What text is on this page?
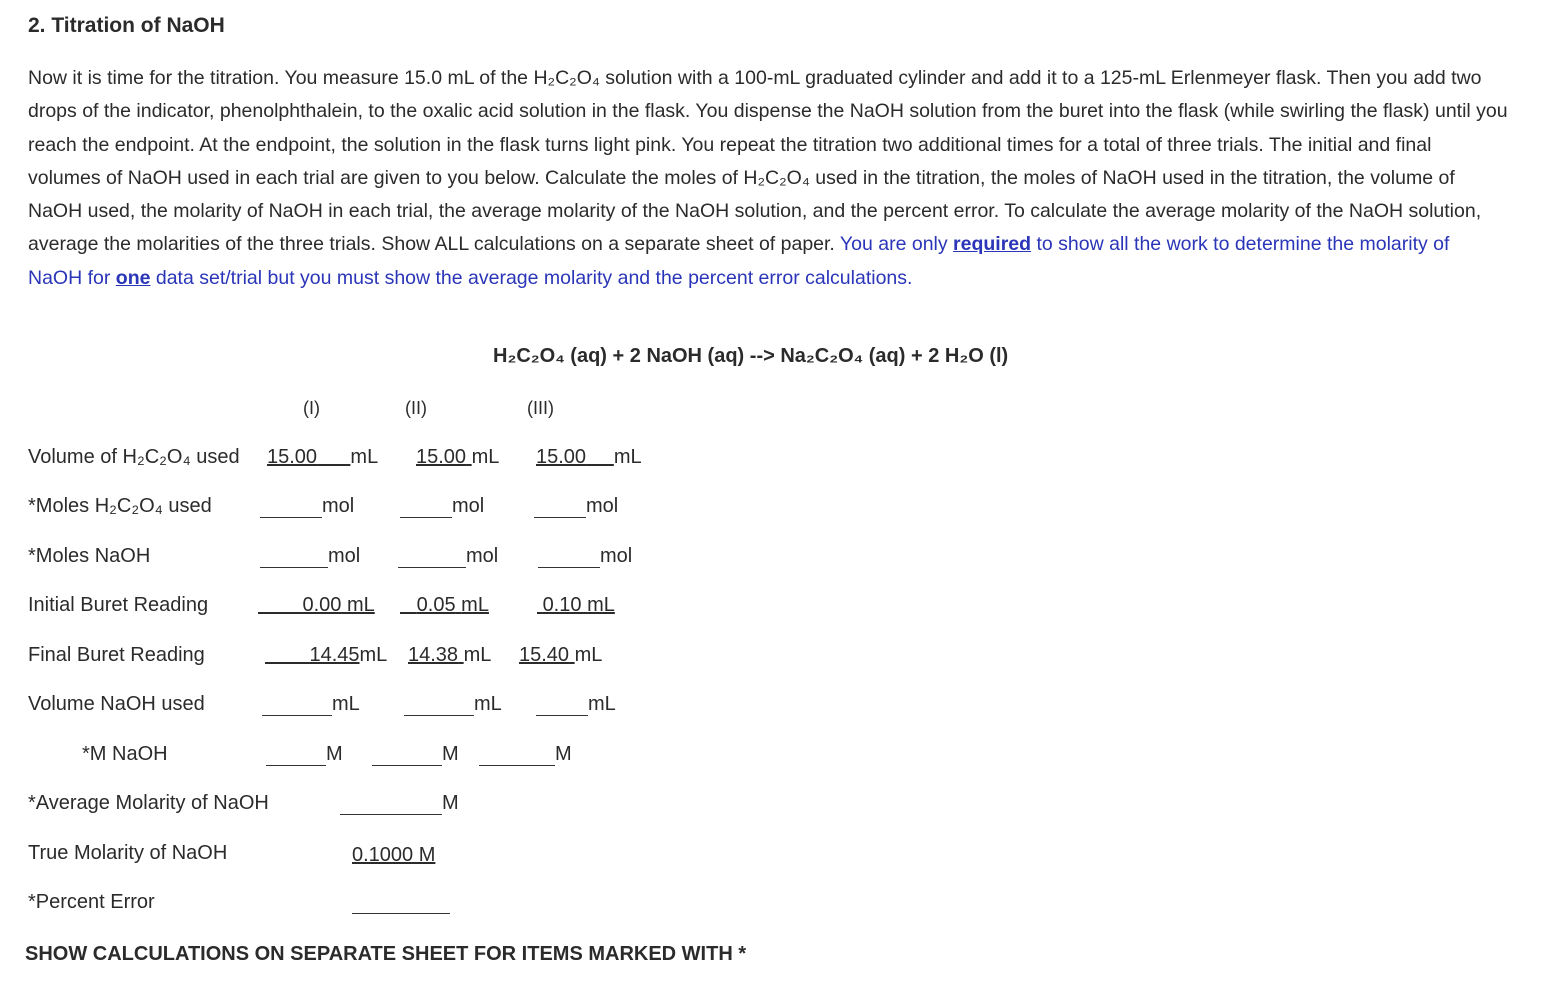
2. Titration of NaOH
Now it is time for the titration. You measure 15.0 mL of the H₂C₂O₄ solution with a 100-mL graduated cylinder and add it to a 125-mL Erlenmeyer flask. Then you add two drops of the indicator, phenolphthalein, to the oxalic acid solution in the flask. You dispense the NaOH solution from the buret into the flask (while swirling the flask) until you reach the endpoint. At the endpoint, the solution in the flask turns light pink. You repeat the titration two additional times for a total of three trials. The initial and final volumes of NaOH used in each trial are given to you below. Calculate the moles of H₂C₂O₄ used in the titration, the moles of NaOH used in the titration, the volume of NaOH used, the molarity of NaOH in each trial, the average molarity of the NaOH solution, and the percent error. To calculate the average molarity of the NaOH solution, average the molarities of the three trials. Show ALL calculations on a separate sheet of paper. You are only required to show all the work to determine the molarity of NaOH for one data set/trial but you must show the average molarity and the percent error calculations.
H₂C₂O₄ (aq) + 2 NaOH (aq) --> Na₂C₂O₄ (aq) + 2 H₂O (l)
(I)	(II)	(III)
Volume of H₂C₂O₄ used 15.00 mL 15.00 mL 15.00 mL
*Moles H₂C₂O₄ used	mol	mol	mol
*Moles NaOH	mol	mol	mol
Initial Buret Reading	0.00 mL	0.05 mL	0.10 mL
Final Buret Reading	14.45mL 14.38 mL 15.40 mL
Volume NaOH used	mL	mL	mL
*M NaOH	M	M	M
*Average Molarity of NaOH	M
True Molarity of NaOH	0.1000 M
*Percent Error
SHOW CALCULATIONS ON SEPARATE SHEET FOR ITEMS MARKED WITH *
